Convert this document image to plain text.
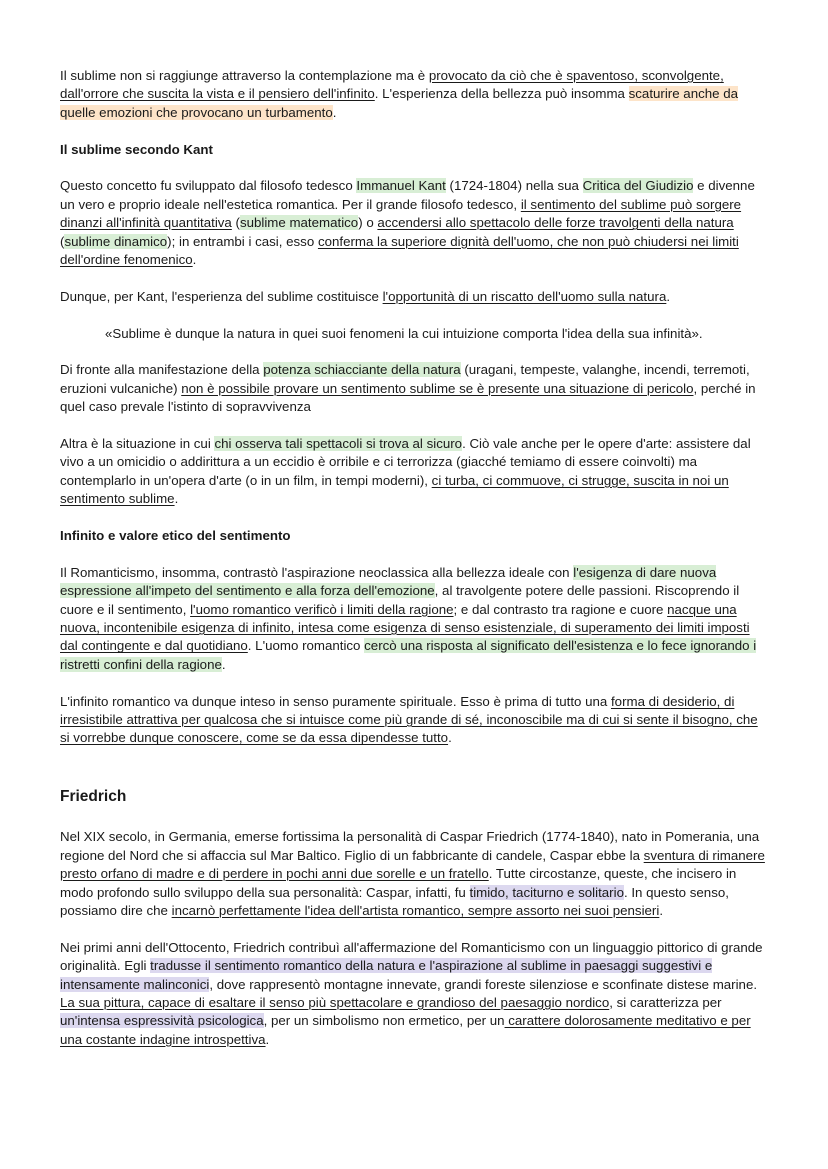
Il sublime non si raggiunge attraverso la contemplazione ma è provocato da ciò che è spaventoso, sconvolgente, dall'orrore che suscita la vista e il pensiero dell'infinito. L'esperienza della bellezza può insomma scaturire anche da quelle emozioni che provocano un turbamento.

Il sublime secondo Kant

Questo concetto fu sviluppato dal filosofo tedesco Immanuel Kant (1724-1804) nella sua Critica del Giudizio e divenne un vero e proprio ideale nell'estetica romantica. Per il grande filosofo tedesco, il sentimento del sublime può sorgere dinanzi all'infinità quantitativa (sublime matematico) o accendersi allo spettacolo delle forze travolgenti della natura (sublime dinamico); in entrambi i casi, esso conferma la superiore dignità dell'uomo, che non può chiudersi nei limiti dell'ordine fenomenico.

Dunque, per Kant, l'esperienza del sublime costituisce l'opportunità di un riscatto dell'uomo sulla natura.

«Sublime è dunque la natura in quei suoi fenomeni la cui intuizione comporta l'idea della sua infinità».

Di fronte alla manifestazione della potenza schiacciante della natura (uragani, tempeste, valanghe, incendi, terremoti, eruzioni vulcaniche) non è possibile provare un sentimento sublime se è presente una situazione di pericolo, perché in quel caso prevale l'istinto di sopravvivenza

Altra è la situazione in cui chi osserva tali spettacoli si trova al sicuro. Ciò vale anche per le opere d'arte: assistere dal vivo a un omicidio o addirittura a un eccidio è orribile e ci terrorizza (giacché temiamo di essere coinvolti) ma contemplarlo in un'opera d'arte (o in un film, in tempi moderni), ci turba, ci commuove, ci strugge, suscita in noi un sentimento sublime.

Infinito e valore etico del sentimento

Il Romanticismo, insomma, contrastò l'aspirazione neoclassica alla bellezza ideale con l'esigenza di dare nuova espressione all'impeto del sentimento e alla forza dell'emozione, al travolgente potere delle passioni. Riscoprendo il cuore e il sentimento, l'uomo romantico verificò i limiti della ragione; e dal contrasto tra ragione e cuore nacque una nuova, incontenibile esigenza di infinito, intesa come esigenza di senso esistenziale, di superamento dei limiti imposti dal contingente e dal quotidiano. L'uomo romantico cercò una risposta al significato dell'esistenza e lo fece ignorando i ristretti confini della ragione.

L'infinito romantico va dunque inteso in senso puramente spirituale. Esso è prima di tutto una forma di desiderio, di irresistibile attrattiva per qualcosa che si intuisce come più grande di sé, inconoscibile ma di cui si sente il bisogno, che si vorrebbe dunque conoscere, come se da essa dipendesse tutto.

Friedrich

Nel XIX secolo, in Germania, emerse fortissima la personalità di Caspar Friedrich (1774-1840), nato in Pomerania, una regione del Nord che si affaccia sul Mar Baltico. Figlio di un fabbricante di candele, Caspar ebbe la sventura di rimanere presto orfano di madre e di perdere in pochi anni due sorelle e un fratello. Tutte circostanze, queste, che incisero in modo profondo sullo sviluppo della sua personalità: Caspar, infatti, fu timido, taciturno e solitario. In questo senso, possiamo dire che incarnò perfettamente l'idea dell'artista romantico, sempre assorto nei suoi pensieri.

Nei primi anni dell'Ottocento, Friedrich contribuì all'affermazione del Romanticismo con un linguaggio pittorico di grande originalità. Egli tradusse il sentimento romantico della natura e l'aspirazione al sublime in paesaggi suggestivi e intensamente malinconici, dove rappresentò montagne innevate, grandi foreste silenziose e sconfinate distese marine. La sua pittura, capace di esaltare il senso più spettacolare e grandioso del paesaggio nordico, si caratterizza per un'intensa espressività psicologica, per un simbolismo non ermetico, per un carattere dolorosamente meditativo e per una costante indagine introspettiva.
